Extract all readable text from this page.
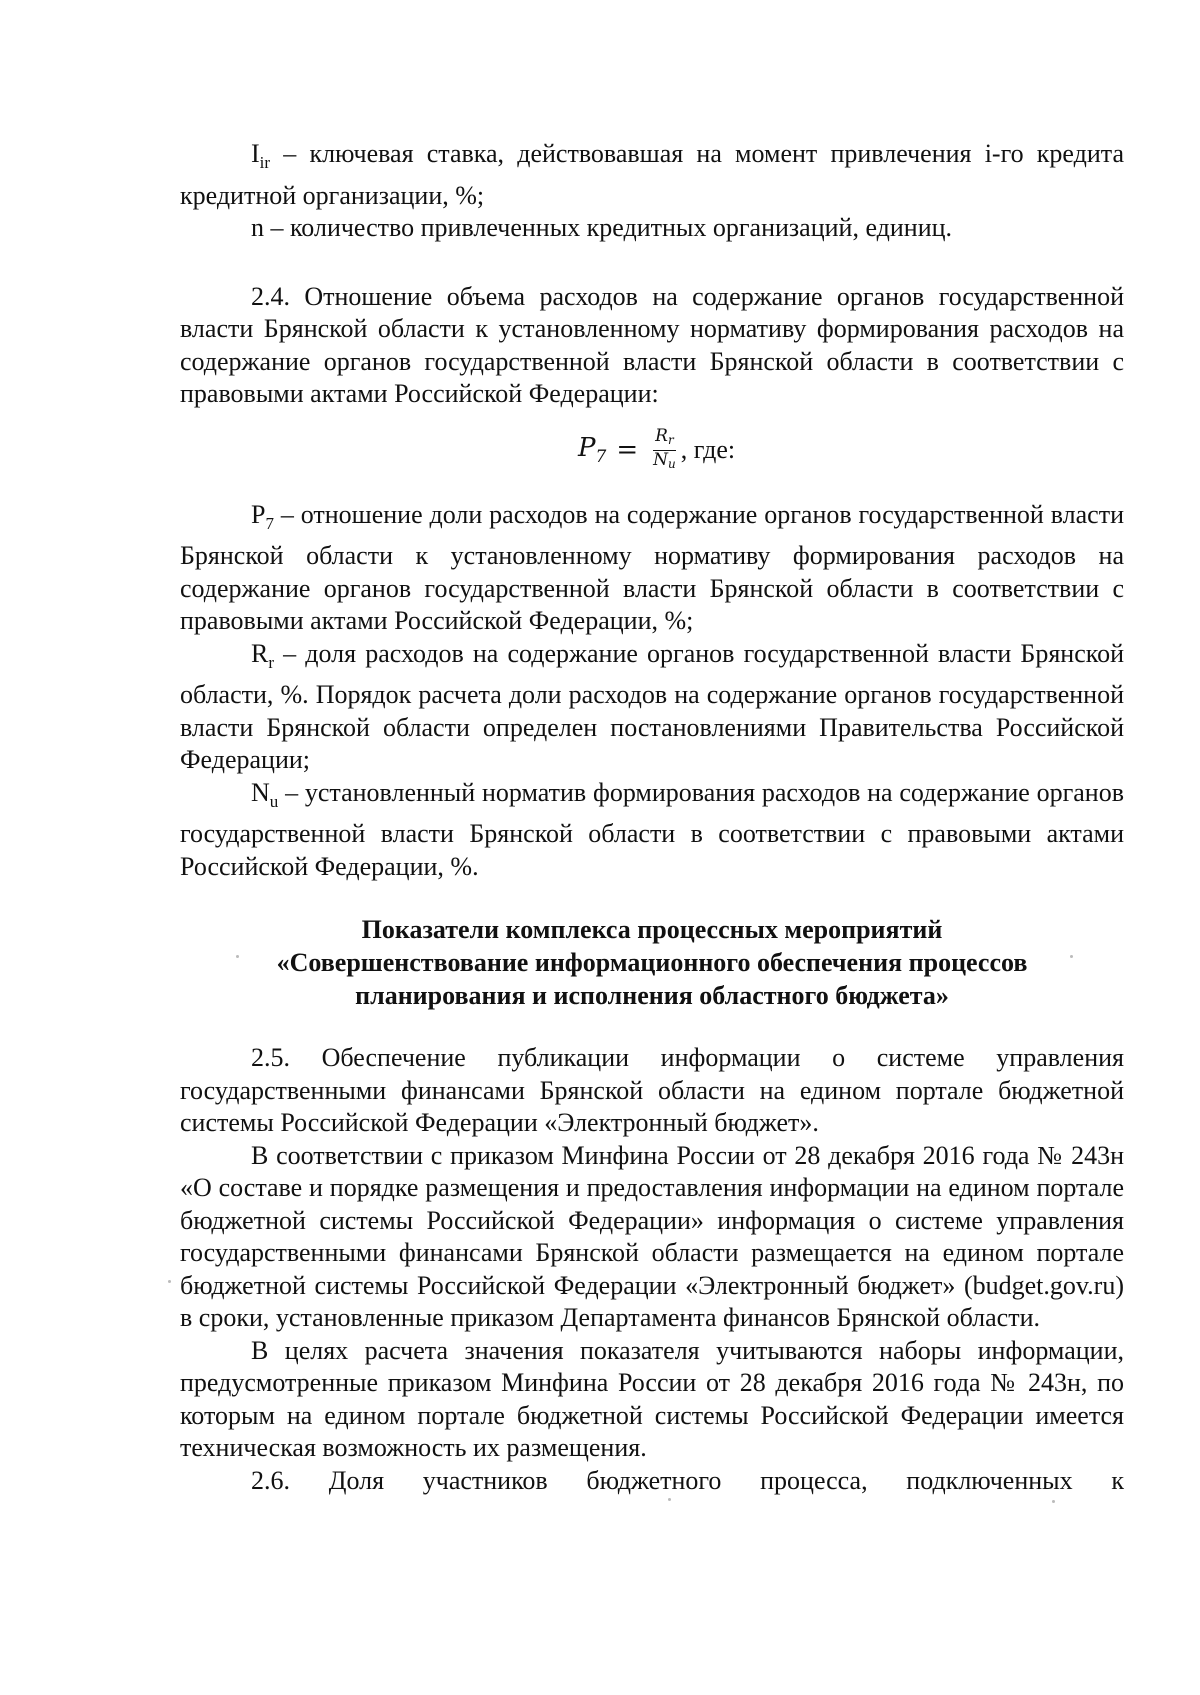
$I_{ir}$ – ключевая ставка, действовавшая на момент привлечения i-го кредита кредитной организации, %;

n – количество привлеченных кредитных организаций, единиц.

2.4. Отношение объема расходов на содержание органов государственной власти Брянской области к установленному нормативу формирования расходов на содержание органов государственной власти Брянской области в соответствии с правовыми актами Российской Федерации:

$P_7 = \frac{Rr}{Nu}$ , где:

$P_7$ – отношение доли расходов на содержание органов государственной власти Брянской области к установленному нормативу формирования расходов на содержание органов государственной власти Брянской области в соответствии с правовыми актами Российской Федерации, %;

$R_r$ – доля расходов на содержание органов государственной власти Брянской области, %. Порядок расчета доли расходов на содержание органов государственной власти Брянской области определен постановлениями Правительства Российской Федерации;

$N_u$ – установленный норматив формирования расходов на содержание органов государственной власти Брянской области в соответствии с правовыми актами Российской Федерации, %.

Показатели комплекса процессных мероприятий

«Совершенствование информационного обеспечения процессов

планирования и исполнения областного бюджета»

2.5. Обеспечение публикации информации о системе управления государственными финансами Брянской области на едином портале бюджетной системы Российской Федерации «Электронный бюджет».

В соответствии с приказом Минфина России от 28 декабря 2016 года № 243н «О составе и порядке размещения и предоставления информации на едином портале бюджетной системы Российской Федерации» информация о системе управления государственными финансами Брянской области размещается на едином портале бюджетной системы Российской Федерации «Электронный бюджет» (budget.gov.ru) в сроки, установленные приказом Департамента финансов Брянской области.

В целях расчета значения показателя учитываются наборы информации, предусмотренные приказом Минфина России от 28 декабря 2016 года № 243н, по которым на едином портале бюджетной системы Российской Федерации имеется техническая возможность их размещения.

2.6. Доля участников бюджетного процесса, подключенных к
